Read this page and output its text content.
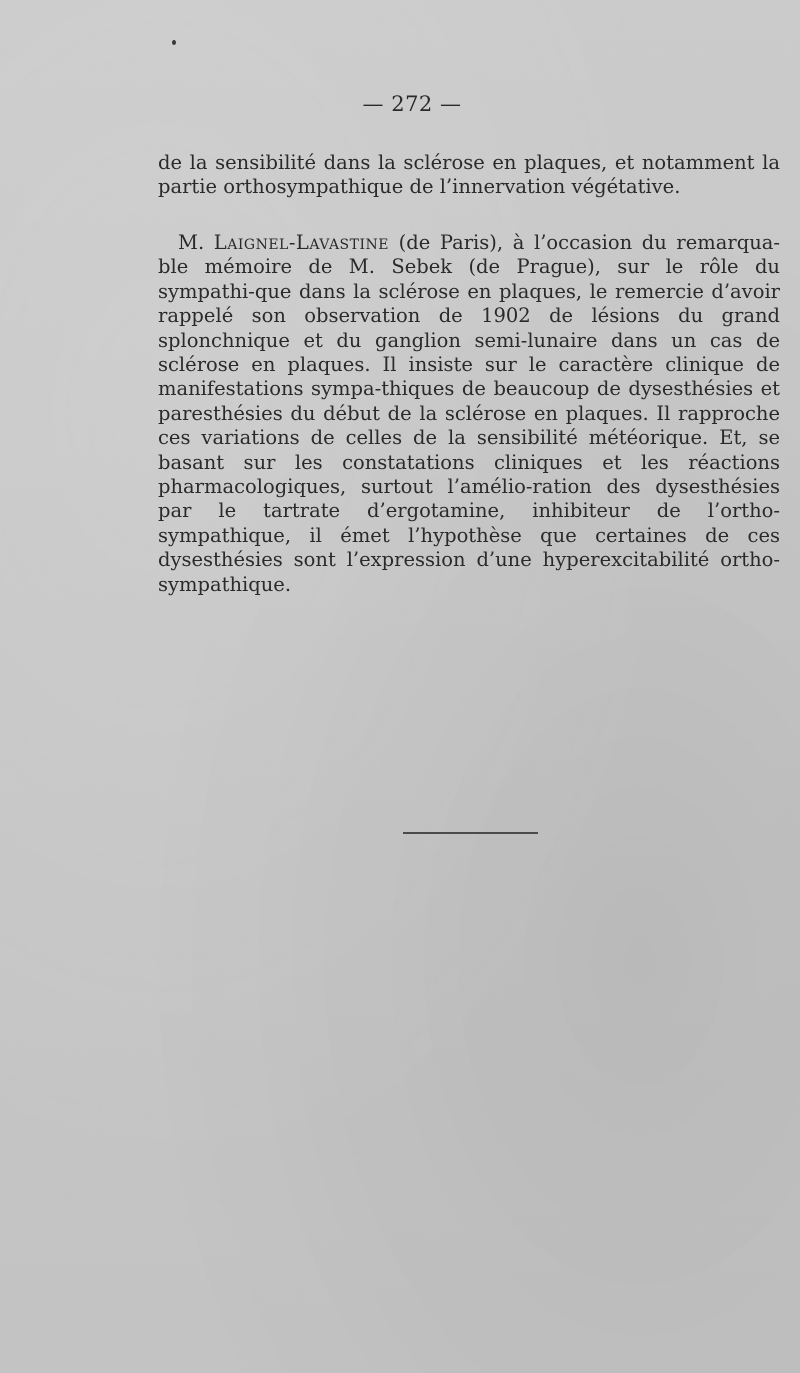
— 272 —

de la sensibilité dans la sclérose en plaques, et notamment la partie orthosympathique de l’innervation végétative.

M. Laignel-Lavastine (de Paris), à l’occasion du remarqua-ble mémoire de M. Sebek (de Prague), sur le rôle du sympathi-que dans la sclérose en plaques, le remercie d’avoir rappelé son observation de 1902 de lésions du grand splonchnique et du ganglion semi-lunaire dans un cas de sclérose en plaques. Il insiste sur le caractère clinique de manifestations sympa-thiques de beaucoup de dysesthésies et paresthésies du début de la sclérose en plaques. Il rapproche ces variations de celles de la sensibilité météorique. Et, se basant sur les constatations cliniques et les réactions pharmacologiques, surtout l’amélio-ration des dysesthésies par le tartrate d’ergotamine, inhibiteur de l’ortho-sympathique, il émet l’hypothèse que certaines de ces dysesthésies sont l’expression d’une hyperexcitabilité ortho-sympathique.
